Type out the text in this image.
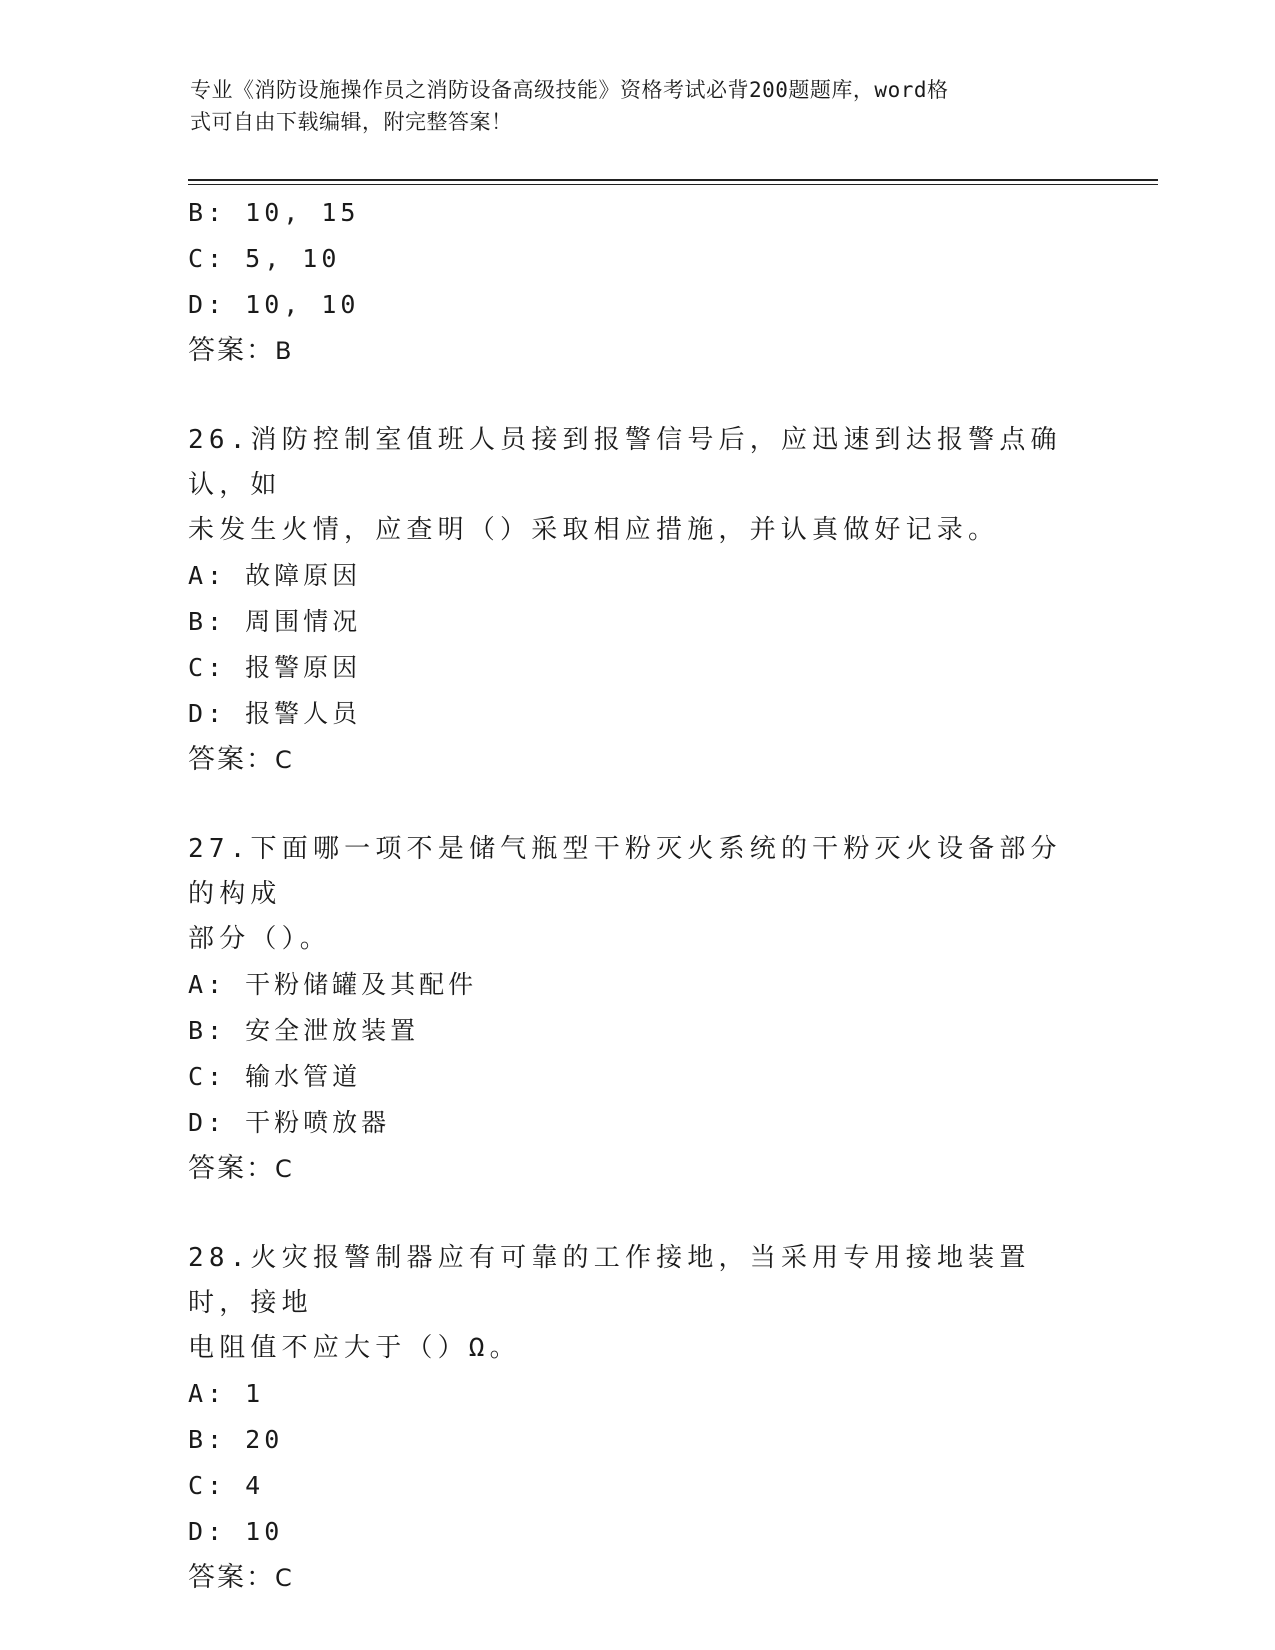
专业《消防设施操作员之消防设备高级技能》资格考试必背200题题库，word格
式可自由下载编辑，附完整答案！
B: 10, 15
C: 5, 10
D: 10, 10
答案：B
26.消防控制室值班人员接到报警信号后，应迅速到达报警点确认，如
未发生火情，应查明（）采取相应措施，并认真做好记录。
A: 故障原因
B: 周围情况
C: 报警原因
D: 报警人员
答案：C
27.下面哪一项不是储气瓶型干粉灭火系统的干粉灭火设备部分的构成
部分（）。
A: 干粉储罐及其配件
B: 安全泄放装置
C: 输水管道
D: 干粉喷放器
答案：C
28.火灾报警制器应有可靠的工作接地，当采用专用接地装置时，接地
电阻值不应大于（）Ω。
A: 1
B: 20
C: 4
D: 10
答案：C
